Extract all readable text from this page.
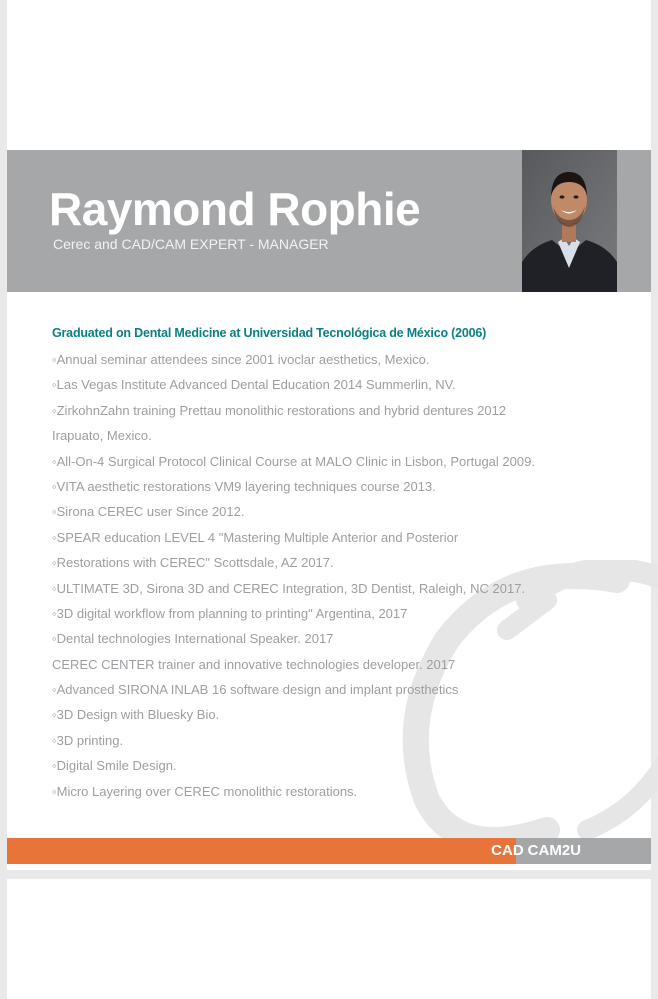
Raymond Rophie
Cerec and CAD/CAM EXPERT - MANAGER
Graduated on Dental Medicine at Universidad Tecnológica de México (2006)
◦Annual seminar attendees since 2001 ivoclar aesthetics, Mexico.
◦Las Vegas Institute Advanced Dental Education 2014 Summerlin, NV.
◦ZirkohnZahn training Prettau monolithic restorations and hybrid dentures 2012
Irapuato, Mexico.
◦All-On-4 Surgical Protocol Clinical Course at MALO Clinic in Lisbon, Portugal 2009.
◦VITA aesthetic restorations VM9 layering techniques course 2013.
◦Sirona CEREC user Since 2012.
◦SPEAR education LEVEL 4 "Mastering Multiple Anterior and Posterior
◦Restorations with CEREC" Scottsdale, AZ 2017.
◦ULTIMATE 3D, Sirona 3D and CEREC Integration, 3D Dentist, Raleigh, NC 2017.
◦3D digital workflow from planning to printing" Argentina, 2017
◦Dental technologies International Speaker. 2017
CEREC CENTER trainer and innovative technologies developer. 2017
◦Advanced SIRONA INLAB 16 software design and implant prosthetics
◦3D Design with Bluesky Bio.
◦3D printing.
◦Digital Smile Design.
◦Micro Layering over CEREC monolithic restorations.
CAD CAM2U
